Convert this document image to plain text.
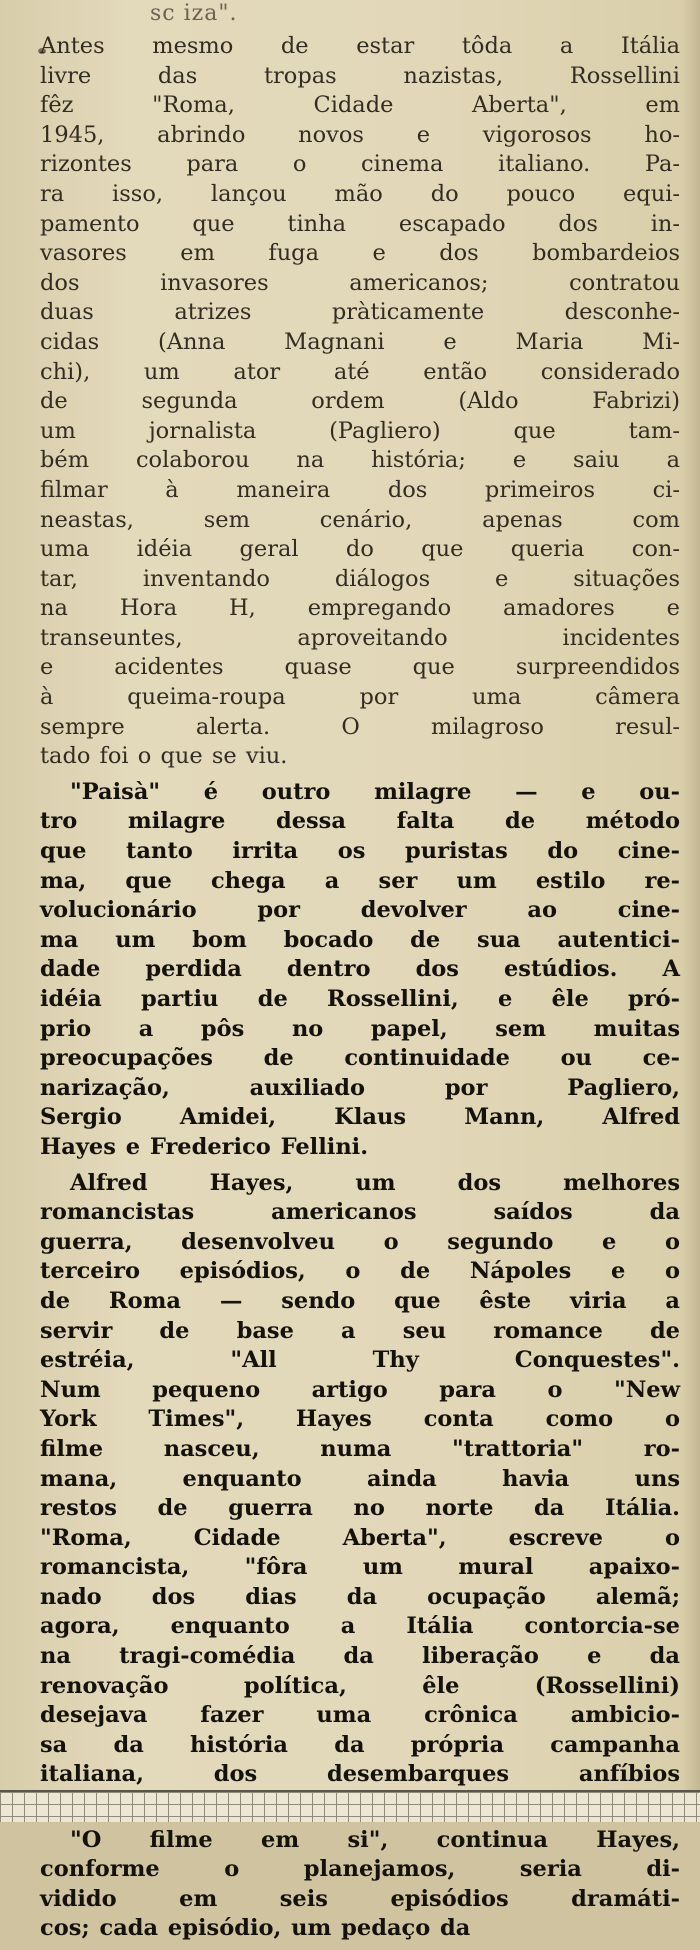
sc iza".
Antes mesmo de estar tôda a Itália
livre das tropas nazistas, Rossellini
fêz "Roma, Cidade Aberta", em
1945, abrindo novos e vigorosos ho-
rizontes para o cinema italiano. Pa-
ra isso, lançou mão do pouco equi-
pamento que tinha escapado dos in-
vasores em fuga e dos bombardeios
dos invasores americanos; contratou
duas atrizes pràticamente desconhe-
cidas (Anna Magnani e Maria Mi-
chi), um ator até então considerado
de segunda ordem (Aldo Fabrizi)
um jornalista (Pagliero) que tam-
bém colaborou na história; e saiu a
filmar à maneira dos primeiros ci-
neastas, sem cenário, apenas com
uma idéia geral do que queria con-
tar, inventando diálogos e situações
na Hora H, empregando amadores e
transeuntes, aproveitando incidentes
e acidentes quase que surpreendidos
à queima-roupa por uma câmera
sempre alerta. O milagroso resul-
tado foi o que se viu.
"Paisà" é outro milagre — e ou-
tro milagre dessa falta de método
que tanto irrita os puristas do cine-
ma, que chega a ser um estilo re-
volucionário por devolver ao cine-
ma um bom bocado de sua autentici-
dade perdida dentro dos estúdios. A
idéia partiu de Rossellini, e êle pró-
prio a pôs no papel, sem muitas
preocupações de continuidade ou ce-
narização, auxiliado por Pagliero,
Sergio Amidei, Klaus Mann, Alfred
Hayes e Frederico Fellini.
Alfred Hayes, um dos melhores
romancistas americanos saídos da
guerra, desenvolveu o segundo e o
terceiro episódios, o de Nápoles e o
de Roma — sendo que êste viria a
servir de base a seu romance de
estréia, "All Thy Conquestes".
Num pequeno artigo para o "New
York Times", Hayes conta como o
filme nasceu, numa "trattoria" ro-
mana, enquanto ainda havia uns
restos de guerra no norte da Itália.
"Roma, Cidade Aberta", escreve o
romancista, "fôra um mural apaixo-
nado dos dias da ocupação alemã;
agora, enquanto a Itália contorcia-se
na tragi-comédia da liberação e da
renovação política, êle (Rossellini)
desejava fazer uma crônica ambicio-
sa da história da própria campanha
italiana, dos desembarques anfíbios
"O filme em si", continua Hayes,
conforme o planejamos, seria di-
vidido em seis episódios dramáti-
cos; cada episódio, um pedaço da
